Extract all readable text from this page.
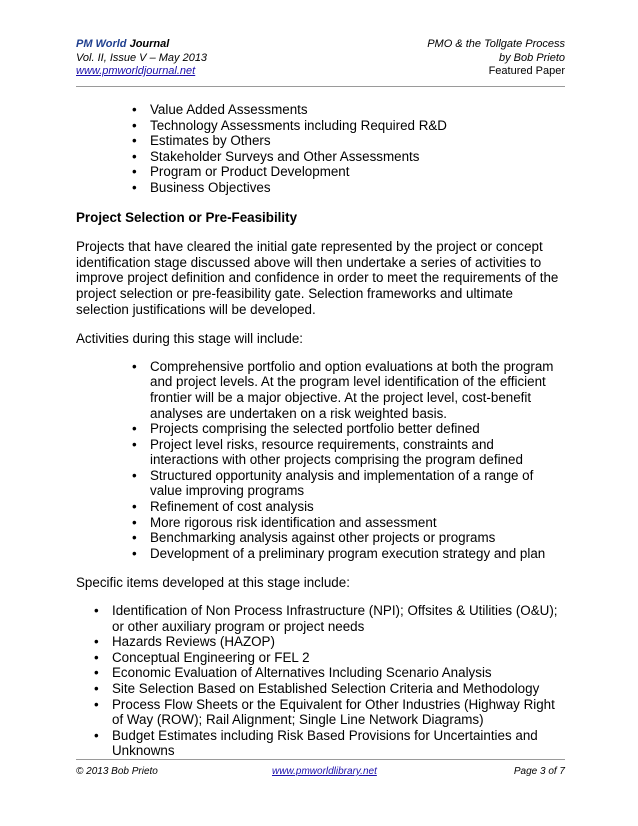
PM World Journal
Vol. II, Issue V – May 2013
www.pmworldjournal.net
PMO & the Tollgate Process
by Bob Prieto
Featured Paper
• Value Added Assessments
• Technology Assessments including Required R&D
• Estimates by Others
• Stakeholder Surveys and Other Assessments
• Program or Product Development
• Business Objectives
Project Selection or Pre-Feasibility

Projects that have cleared the initial gate represented by the project or concept identification stage discussed above will then undertake a series of activities to improve project definition and confidence in order to meet the requirements of the project selection or pre-feasibility gate. Selection frameworks and ultimate selection justifications will be developed.

Activities during this stage will include:

• Comprehensive portfolio and option evaluations at both the program and project levels. At the program level identification of the efficient frontier will be a major objective. At the project level, cost-benefit analyses are undertaken on a risk weighted basis.
• Projects comprising the selected portfolio better defined
• Project level risks, resource requirements, constraints and interactions with other projects comprising the program defined
• Structured opportunity analysis and implementation of a range of value improving programs
• Refinement of cost analysis
• More rigorous risk identification and assessment
• Benchmarking analysis against other projects or programs
• Development of a preliminary program execution strategy and plan

Specific items developed at this stage include:

• Identification of Non Process Infrastructure (NPI); Offsites & Utilities (O&U); or other auxiliary program or project needs
• Hazards Reviews (HAZOP)
• Conceptual Engineering or FEL 2
• Economic Evaluation of Alternatives Including Scenario Analysis
• Site Selection Based on Established Selection Criteria and Methodology
• Process Flow Sheets or the Equivalent for Other Industries (Highway Right of Way (ROW); Rail Alignment; Single Line Network Diagrams)
• Budget Estimates including Risk Based Provisions for Uncertainties and Unknowns
© 2013 Bob Prieto	www.pmworldlibrary.net	Page 3 of 7
